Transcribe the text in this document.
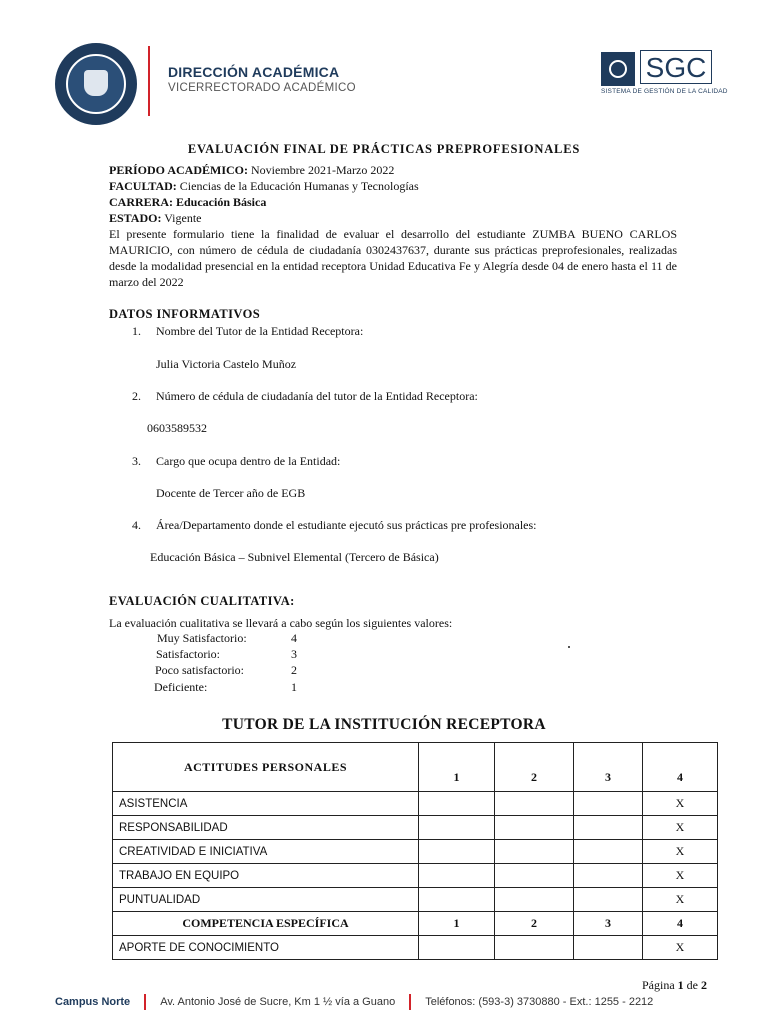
DIRECCIÓN ACADÉMICA
VICERRECTORADO ACADÉMICO
SGC
SISTEMA DE GESTIÓN DE LA CALIDAD
EVALUACIÓN FINAL DE PRÁCTICAS PREPROFESIONALES
PERÍODO ACADÉMICO: Noviembre 2021-Marzo 2022
FACULTAD: Ciencias de la Educación Humanas y Tecnologías
CARRERA: Educación Básica
ESTADO: Vigente
El presente formulario tiene la finalidad de evaluar el desarrollo del estudiante ZUMBA BUENO CARLOS MAURICIO, con número de cédula de ciudadanía 0302437637, durante sus prácticas preprofesionales, realizadas desde la modalidad presencial en la entidad receptora Unidad Educativa Fe y Alegría desde 04 de enero hasta el 11 de marzo del 2022
DATOS INFORMATIVOS
1. Nombre del Tutor de la Entidad Receptora:
Julia Victoria Castelo Muñoz
2. Número de cédula de ciudadanía del tutor de la Entidad Receptora:
0603589532
3. Cargo que ocupa dentro de la Entidad:
Docente de Tercer año de EGB
4. Área/Departamento donde el estudiante ejecutó sus prácticas pre profesionales:
Educación Básica – Subnivel Elemental (Tercero de Básica)
EVALUACIÓN CUALITATIVA:
La evaluación cualitativa se llevará a cabo según los siguientes valores:
Muy Satisfactorio:	4
Satisfactorio:	3
Poco satisfactorio:	2
Deficiente:	1
TUTOR DE LA INSTITUCIÓN RECEPTORA
ACTITUDES PERSONALES	1	2	3	4
ASISTENCIA				X
RESPONSABILIDAD				X
CREATIVIDAD E INICIATIVA				X
TRABAJO EN EQUIPO				X
PUNTUALIDAD				X
COMPETENCIA ESPECÍFICA	1	2	3	4
APORTE DE CONOCIMIENTO				X
Página 1 de 2
Campus Norte	Av. Antonio José de Sucre, Km 1 ½ vía a Guano	Teléfonos: (593-3) 3730880 - Ext.: 1255 - 2212
